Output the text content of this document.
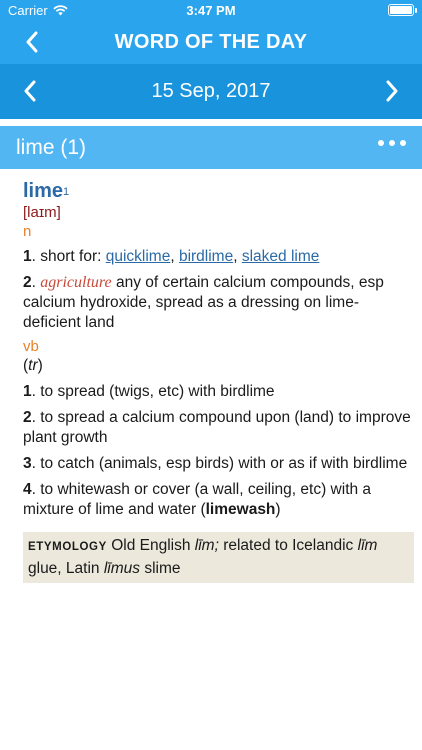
Carrier	3:47 PM
WORD OF THE DAY
15 Sep, 2017
lime (1)
lime$^1$
[laɪm]
n
1. short for: quicklime, birdlime, slaked lime
2. agriculture any of certain calcium compounds, esp calcium hydroxide, spread as a dressing on lime-deficient land
vb
(tr)
1. to spread (twigs, etc) with birdlime
2. to spread a calcium compound upon (land) to improve plant growth
3. to catch (animals, esp birds) with or as if with birdlime
4. to whitewash or cover (a wall, ceiling, etc) with a mixture of lime and water (limewash)
ETYMOLOGY Old English līm; related to Icelandic līm glue, Latin līmus slime
